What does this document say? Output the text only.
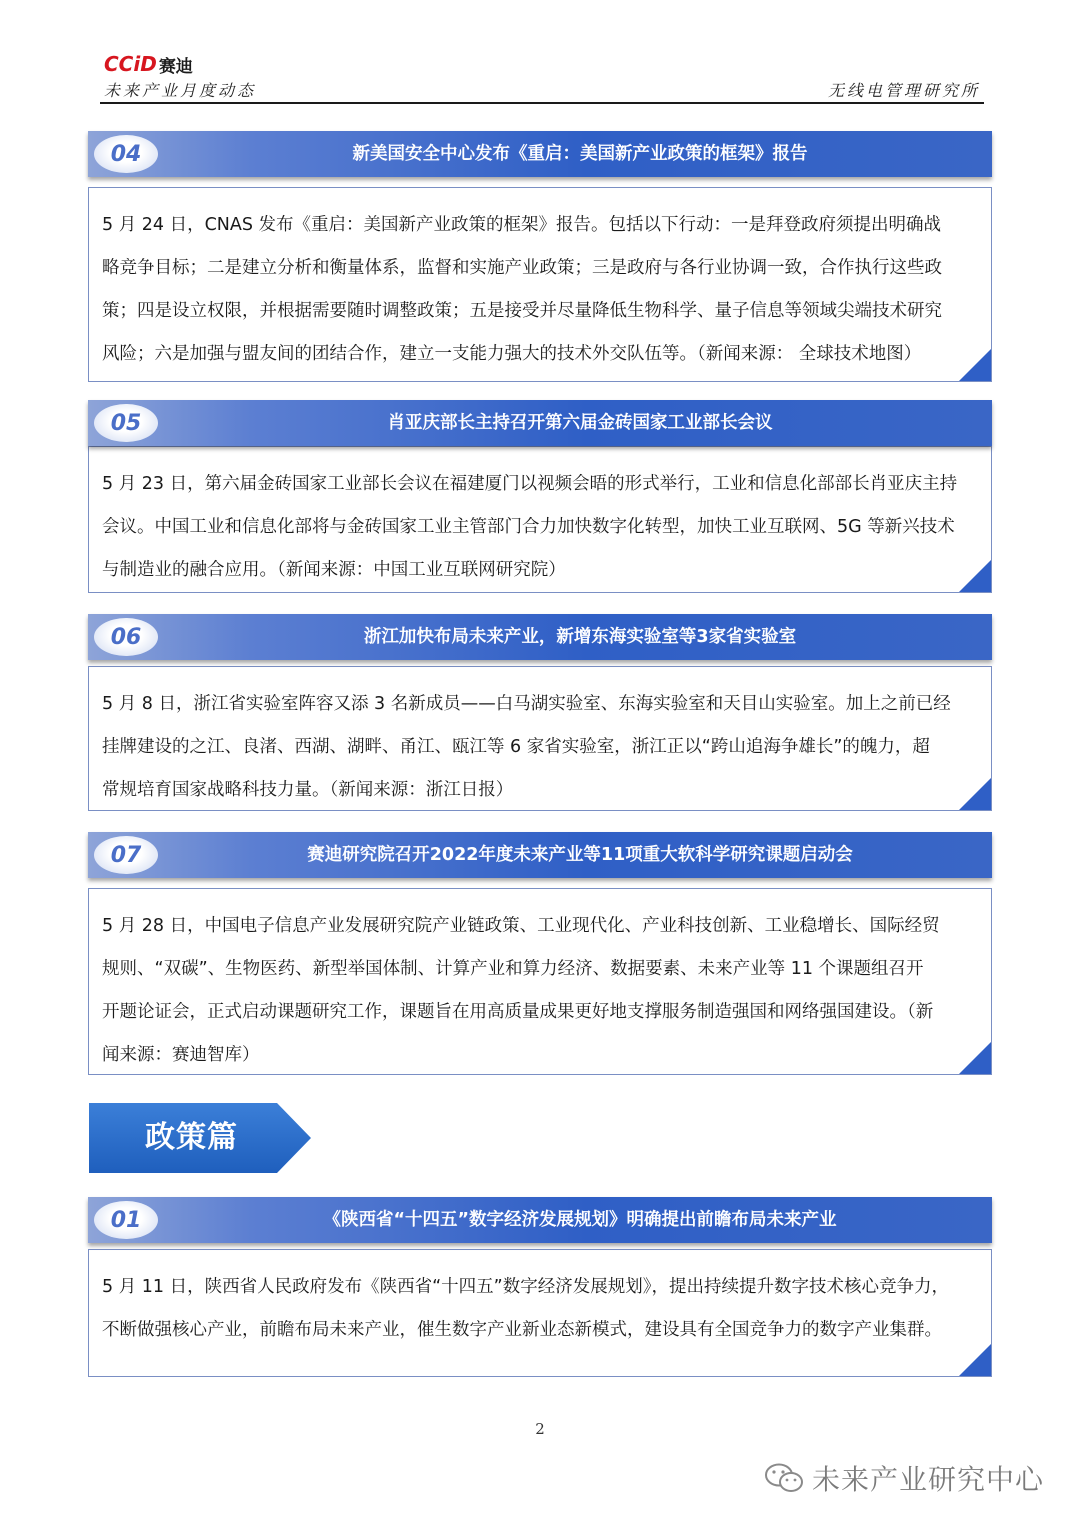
CCiD 赛迪
未来产业月度动态	无线电管理研究所
5 月 24 日，CNAS 发布《重启：美国新产业政策的框架》报告。包括以下行动：一是拜登政府须提出明确战
略竞争目标；二是建立分析和衡量体系，监督和实施产业政策；三是政府与各行业协调一致，合作执行这些政
策；四是设立权限，并根据需要随时调整政策；五是接受并尽量降低生物科学、量子信息等领域尖端技术研究
风险；六是加强与盟友间的团结合作，建立一支能力强大的技术外交队伍等。（新闻来源： 全球技术地图）
04	新美国安全中心发布《重启：美国新产业政策的框架》报告
5 月 23 日，第六届金砖国家工业部长会议在福建厦门以视频会晤的形式举行，工业和信息化部部长肖亚庆主持
会议。中国工业和信息化部将与金砖国家工业主管部门合力加快数字化转型，加快工业互联网、5G 等新兴技术
与制造业的融合应用。（新闻来源：中国工业互联网研究院）
05	肖亚庆部长主持召开第六届金砖国家工业部长会议
5 月 8 日，浙江省实验室阵容又添 3 名新成员——白马湖实验室、东海实验室和天目山实验室。加上之前已经
挂牌建设的之江、良渚、西湖、湖畔、甬江、瓯江等 6 家省实验室，浙江正以“跨山追海争雄长”的魄力，超
常规培育国家战略科技力量。（新闻来源：浙江日报）
06	浙江加快布局未来产业，新增东海实验室等3家省实验室
5 月 28 日，中国电子信息产业发展研究院产业链政策、工业现代化、产业科技创新、工业稳增长、国际经贸
规则、“双碳”、生物医药、新型举国体制、计算产业和算力经济、数据要素、未来产业等 11 个课题组召开
开题论证会，正式启动课题研究工作，课题旨在用高质量成果更好地支撑服务制造强国和网络强国建设。（新
闻来源：赛迪智库）
07	赛迪研究院召开2022年度未来产业等11项重大软科学研究课题启动会
政策篇
5 月 11 日，陕西省人民政府发布《陕西省“十四五”数字经济发展规划》，提出持续提升数字技术核心竞争力，
不断做强核心产业，前瞻布局未来产业，催生数字产业新业态新模式，建设具有全国竞争力的数字产业集群。
01	《陕西省“十四五”数字经济发展规划》明确提出前瞻布局未来产业
2
未来产业研究中心
